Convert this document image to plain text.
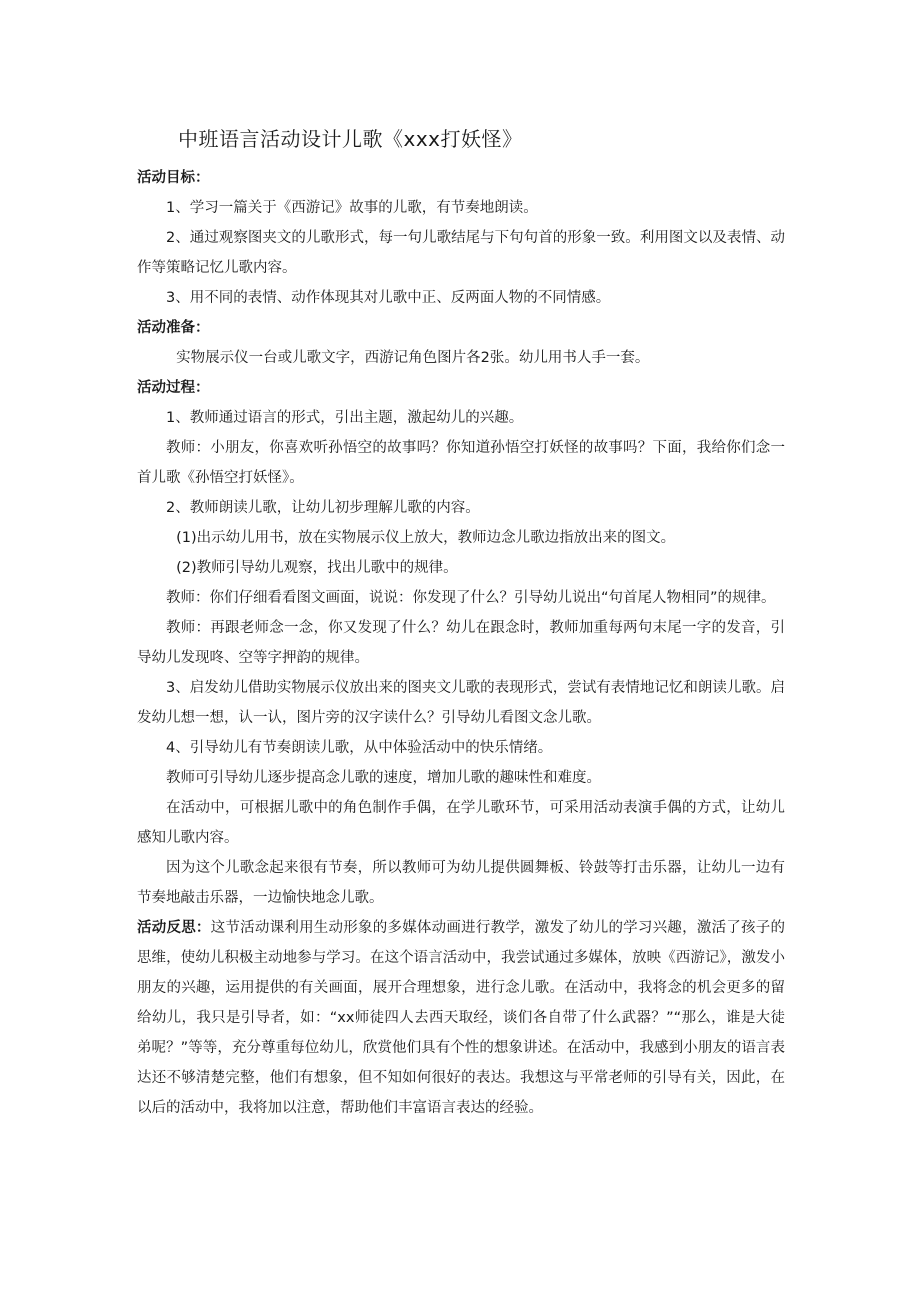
中班语言活动设计儿歌《xxx打妖怪》

活动目标：

1、学习一篇关于《西游记》故事的儿歌，有节奏地朗读。

2、通过观察图夹文的儿歌形式，每一句儿歌结尾与下句句首的形象一致。利用图文以及表情、动作等策略记忆儿歌内容。

3、用不同的表情、动作体现其对儿歌中正、反两面人物的不同情感。

活动准备：

实物展示仪一台或儿歌文字，西游记角色图片各2张。幼儿用书人手一套。

活动过程：

1、教师通过语言的形式，引出主题，激起幼儿的兴趣。

教师：小朋友，你喜欢听孙悟空的故事吗？你知道孙悟空打妖怪的故事吗？下面，我给你们念一首儿歌《孙悟空打妖怪》。

2、教师朗读儿歌，让幼儿初步理解儿歌的内容。

(1)出示幼儿用书，放在实物展示仪上放大，教师边念儿歌边指放出来的图文。

(2)教师引导幼儿观察，找出儿歌中的规律。

教师：你们仔细看看图文画面，说说：你发现了什么？引导幼儿说出“句首尾人物相同”的规律。

教师：再跟老师念一念，你又发现了什么？幼儿在跟念时，教师加重每两句末尾一字的发音，引导幼儿发现咚、空等字押韵的规律。

3、启发幼儿借助实物展示仪放出来的图夹文儿歌的表现形式，尝试有表情地记忆和朗读儿歌。启发幼儿想一想，认一认，图片旁的汉字读什么？引导幼儿看图文念儿歌。

4、引导幼儿有节奏朗读儿歌，从中体验活动中的快乐情绪。

教师可引导幼儿逐步提高念儿歌的速度，增加儿歌的趣味性和难度。

在活动中，可根据儿歌中的角色制作手偶，在学儿歌环节，可采用活动表演手偶的方式，让幼儿感知儿歌内容。

因为这个儿歌念起来很有节奏，所以教师可为幼儿提供圆舞板、铃鼓等打击乐器，让幼儿一边有节奏地敲击乐器，一边愉快地念儿歌。

活动反思：这节活动课利用生动形象的多媒体动画进行教学，激发了幼儿的学习兴趣，激活了孩子的思维，使幼儿积极主动地参与学习。在这个语言活动中，我尝试通过多媒体，放映《西游记》，激发小朋友的兴趣，运用提供的有关画面，展开合理想象，进行念儿歌。在活动中，我将念的机会更多的留给幼儿，我只是引导者，如：“xx师徒四人去西天取经，谈们各自带了什么武器？”“那么，谁是大徒弟呢？”等等，充分尊重每位幼儿，欣赏他们具有个性的想象讲述。在活动中，我感到小朋友的语言表达还不够清楚完整，他们有想象，但不知如何很好的表达。我想这与平常老师的引导有关，因此，在以后的活动中，我将加以注意，帮助他们丰富语言表达的经验。
